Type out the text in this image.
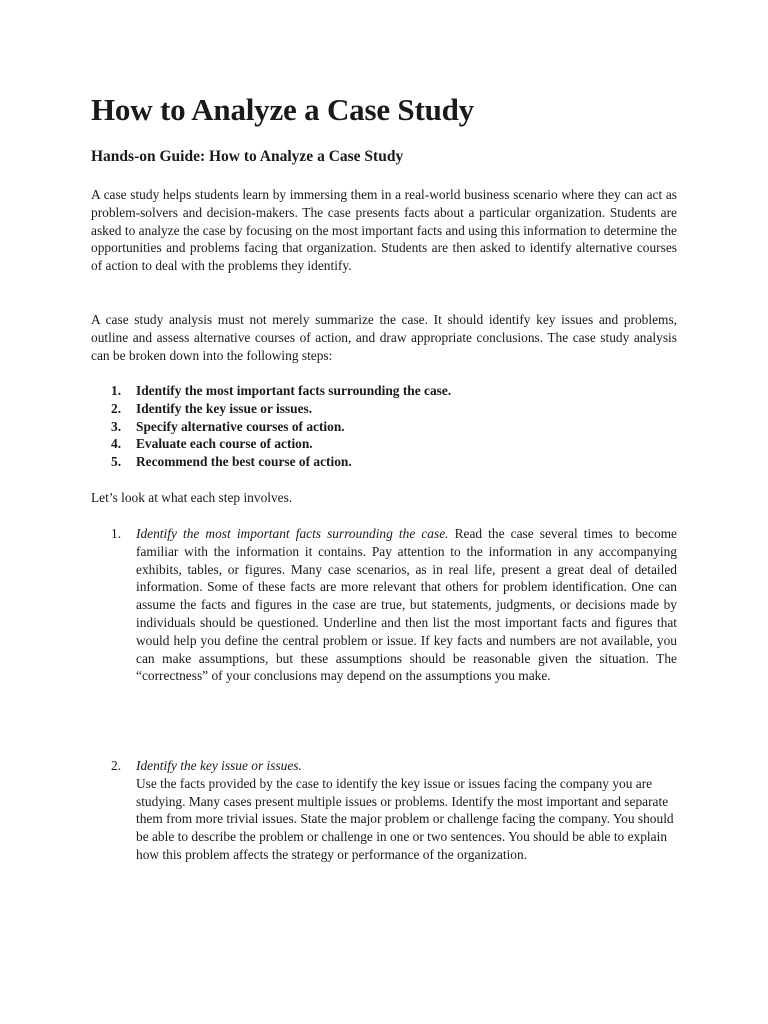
How to Analyze a Case Study
Hands-on Guide: How to Analyze a Case Study

A case study helps students learn by immersing them in a real-world business scenario where they can act as problem-solvers and decision-makers. The case presents facts about a particular organization. Students are asked to analyze the case by focusing on the most important facts and using this information to determine the opportunities and problems facing that organization. Students are then asked to identify alternative courses of action to deal with the problems they identify.

A case study analysis must not merely summarize the case. It should identify key issues and problems, outline and assess alternative courses of action, and draw appropriate conclusions. The case study analysis can be broken down into the following steps:

1. Identify the most important facts surrounding the case.
2. Identify the key issue or issues.
3. Specify alternative courses of action.
4. Evaluate each course of action.
5. Recommend the best course of action.

Let’s look at what each step involves.

1. Identify the most important facts surrounding the case. Read the case several times to become familiar with the information it contains. Pay attention to the information in any accompanying exhibits, tables, or figures. Many case scenarios, as in real life, present a great deal of detailed information. Some of these facts are more relevant that others for problem identification. One can assume the facts and figures in the case are true, but statements, judgments, or decisions made by individuals should be questioned. Underline and then list the most important facts and figures that would help you define the central problem or issue. If key facts and numbers are not available, you can make assumptions, but these assumptions should be reasonable given the situation. The “correctness” of your conclusions may depend on the assumptions you make.
2. Identify the key issue or issues.
Use the facts provided by the case to identify the key issue or issues facing the company you are studying. Many cases present multiple issues or problems. Identify the most important and separate them from more trivial issues. State the major problem or challenge facing the company. You should be able to describe the problem or challenge in one or two sentences. You should be able to explain how this problem affects the strategy or performance of the organization.
